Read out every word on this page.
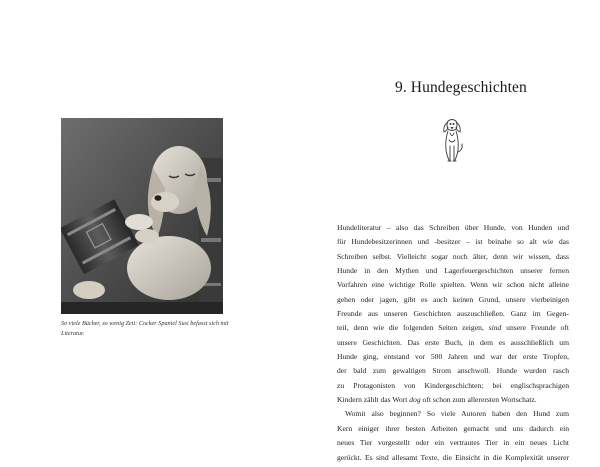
So viele Bücher, so wenig Zeit: Cocker Spaniel Susi befasst sich mit Literatur.
9. Hundegeschichten
Hundeliteratur – also das Schreiben über Hunde, von Hunden und
für Hundebesitzerinnen und -besitzer – ist beinahe so alt wie das
Schreiben selbst. Vielleicht sogar noch älter, denn wir wissen, dass
Hunde in den Mythen und Lagerfeuergeschichten unserer fernen
Vorfahren eine wichtige Rolle spielten. Wenn wir schon nicht alleine
gehen oder jagen, gibt es auch keinen Grund, unsere vierbeinigen
Freunde aus unseren Geschichten auszuschließen. Ganz im Gegen-
teil, denn wie die folgenden Seiten zeigen, sind unsere Freunde oft
unsere Geschichten. Das erste Buch, in dem es ausschließlich um
Hunde ging, entstand vor 500 Jahren und war der erste Tropfen,
der bald zum gewaltigen Strom anschwoll. Hunde wurden rasch
zu Protagonisten von Kindergeschichten; bei englischsprachigen
Kindern zählt das Wort dog oft schon zum allerersten Wortschatz.
Womit also beginnen? So viele Autoren haben den Hund zum
Kern einiger ihrer besten Arbeiten gemacht und uns dadurch ein
neues Tier vorgestellt oder ein vertrautes Tier in ein neues Licht
gerückt. Es sind allesamt Texte, die Einsicht in die Komplexität unserer
